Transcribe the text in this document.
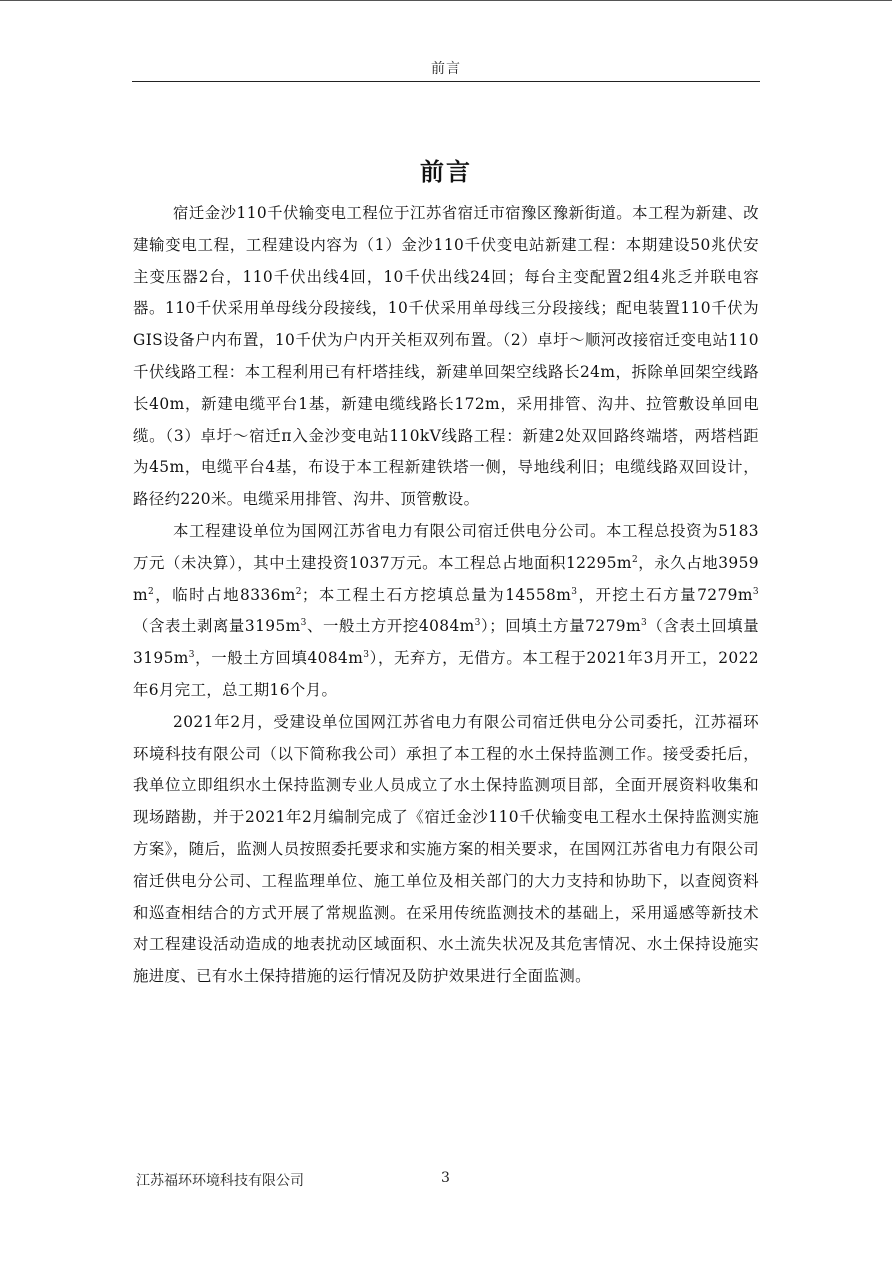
前言
前言

宿迁金沙110千伏输变电工程位于江苏省宿迁市宿豫区豫新街道。本工程为新建、改建输变电工程，工程建设内容为（1）金沙110千伏变电站新建工程：本期建设50兆伏安主变压器2台，110千伏出线4回，10千伏出线24回；每台主变配置2组4兆乏并联电容器。110千伏采用单母线分段接线，10千伏采用单母线三分段接线；配电装置110千伏为GIS设备户内布置，10千伏为户内开关柜双列布置。（2）卓圩～顺河改接宿迁变电站110千伏线路工程：本工程利用已有杆塔挂线，新建单回架空线路长24m，拆除单回架空线路长40m，新建电缆平台1基，新建电缆线路长172m，采用排管、沟井、拉管敷设单回电缆。（3）卓圩～宿迁π入金沙变电站110kV线路工程：新建2处双回路终端塔，两塔档距为45m，电缆平台4基，布设于本工程新建铁塔一侧，导地线利旧；电缆线路双回设计，路径约220米。电缆采用排管、沟井、顶管敷设。

本工程建设单位为国网江苏省电力有限公司宿迁供电分公司。本工程总投资为5183万元（未决算），其中土建投资1037万元。本工程总占地面积$12295m^2$，永久占地$3959m^2$，临时占地$8336m^2$；本工程土石方挖填总量为$14558m^3$，开挖土石方量$7279m^3$（含表土剥离量$3195m^3$、一般土方开挖$4084m^3$）；回填土方量$7279m^3$（含表土回填量$3195m^3$，一般土方回填$4084m^3$），无弃方，无借方。本工程于2021年3月开工，2022年6月完工，总工期16个月。

2021年2月，受建设单位国网江苏省电力有限公司宿迁供电分公司委托，江苏福环环境科技有限公司（以下简称我公司）承担了本工程的水土保持监测工作。接受委托后，我单位立即组织水土保持监测专业人员成立了水土保持监测项目部，全面开展资料收集和现场踏勘，并于2021年2月编制完成了《宿迁金沙110千伏输变电工程水土保持监测实施方案》，随后，监测人员按照委托要求和实施方案的相关要求，在国网江苏省电力有限公司宿迁供电分公司、工程监理单位、施工单位及相关部门的大力支持和协助下，以查阅资料和巡查相结合的方式开展了常规监测。在采用传统监测技术的基础上，采用遥感等新技术对工程建设活动造成的地表扰动区域面积、水土流失状况及其危害情况、水土保持设施实施进度、已有水土保持措施的运行情况及防护效果进行全面监测。

江苏福环环境科技有限公司	3
